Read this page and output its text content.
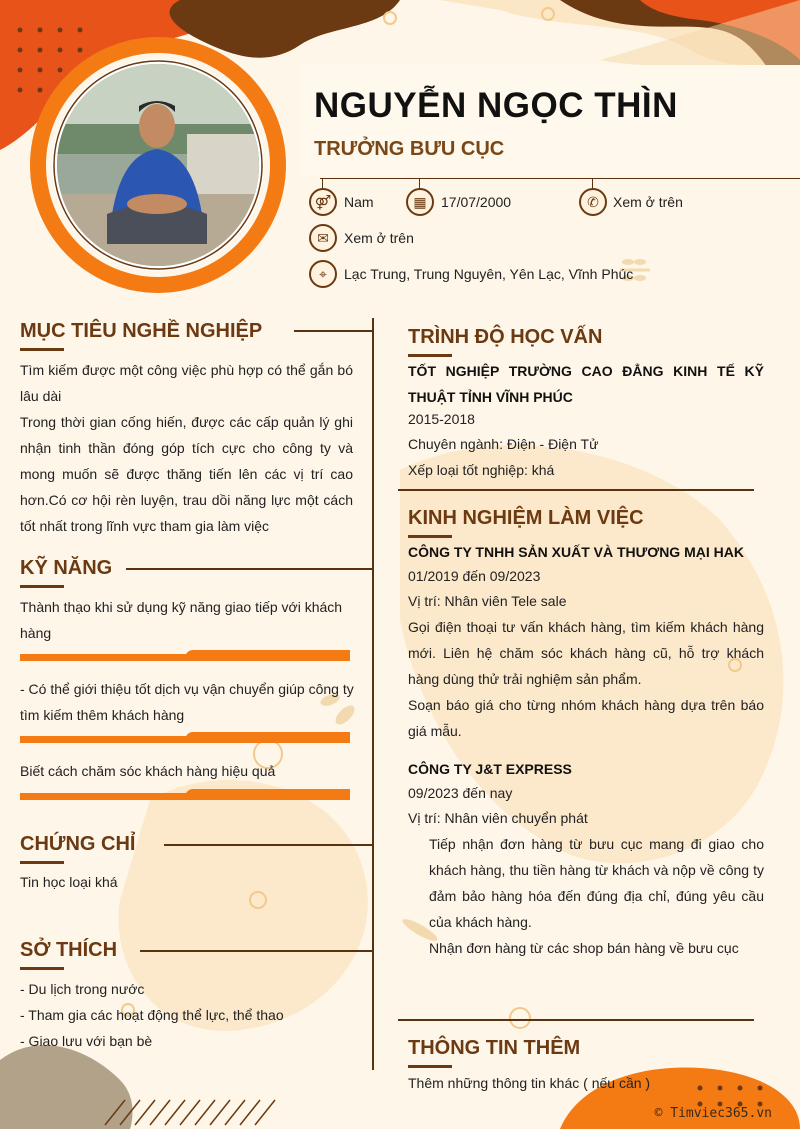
NGUYỄN NGỌC THÌN
TRƯỞNG BƯU CỤC
⚤ Nam	▦	17/07/2000	✆	Xem ở trên
✉	Xem ở trên
⌖	Lạc Trung, Trung Nguyên, Yên Lạc, Vĩnh Phúc
MỤC TIÊU NGHỀ NGHIỆP
Tìm kiếm được một công việc phù hợp có thể gắn bó lâu dài
Trong thời gian cống hiến, được các cấp quản lý ghi nhận tinh thần đóng góp tích cực cho công ty và mong muốn sẽ được thăng tiến lên các vị trí cao hơn.Có cơ hội rèn luyện, trau dồi năng lực một cách tốt nhất trong lĩnh vực tham gia làm việc
KỸ NĂNG
Thành thạo khi sử dụng kỹ năng giao tiếp với khách hàng
- Có thể giới thiệu tốt dịch vụ vận chuyển giúp công ty tìm kiếm thêm khách hàng
Biết cách chăm sóc khách hàng hiệu quả
CHỨNG CHỈ
Tin học loại khá
SỞ THÍCH
- Du lịch trong nước
- Tham gia các hoạt động thể lực, thể thao
- Giao lưu với bạn bè
TRÌNH ĐỘ HỌC VẤN
TỐT NGHIỆP TRƯỜNG CAO ĐẲNG KINH TẾ KỸ THUẬT TỈNH VĨNH PHÚC
2015-2018
Chuyên ngành: Điện - Điện Tử
Xếp loại tốt nghiệp: khá
KINH NGHIỆM LÀM VIỆC
CÔNG TY TNHH SẢN XUẤT VÀ THƯƠNG MẠI HAK
01/2019 đến 09/2023
Vị trí: Nhân viên Tele sale
Gọi điện thoại tư vấn khách hàng, tìm kiếm khách hàng mới. Liên hệ chăm sóc khách hàng cũ, hỗ trợ khách hàng dùng thử trải nghiệm sản phẩm.
Soạn báo giá cho từng nhóm khách hàng dựa trên báo giá mẫu.
CÔNG TY J&T EXPRESS
09/2023 đến nay
Vị trí: Nhân viên chuyển phát
Tiếp nhận đơn hàng từ bưu cục mang đi giao cho khách hàng, thu tiền hàng từ khách và nộp về công ty đảm bảo hàng hóa đến đúng địa chỉ, đúng yêu cầu của khách hàng.
Nhận đơn hàng từ các shop bán hàng về bưu cục
THÔNG TIN THÊM
Thêm những thông tin khác ( nếu cần )
© Timviec365.vn
